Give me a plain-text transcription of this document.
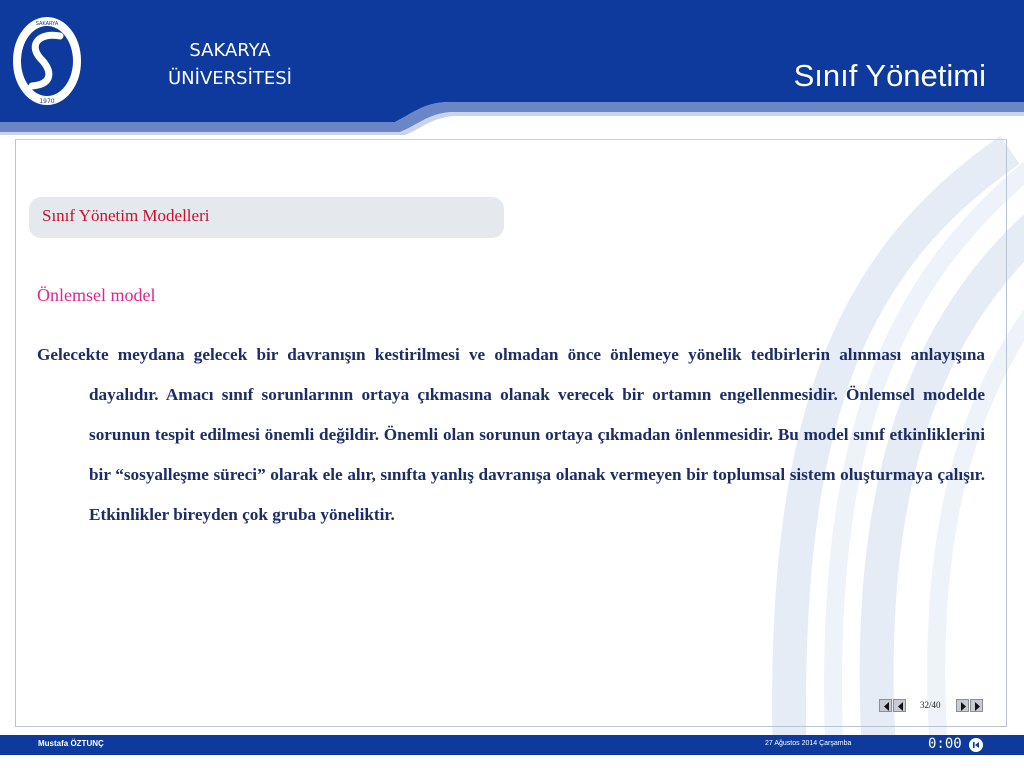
SAKARYA
1970
SAKARYA
ÜNİVERSİTESİ	Sınıf Yönetimi
Sınıf Yönetim Modelleri
Önlemsel model
Gelecekte meydana gelecek bir davranışın kestirilmesi ve olmadan önce önlemeye yönelik tedbirlerin alınması anlayışına dayalıdır. Amacı sınıf sorunlarının ortaya çıkmasına olanak verecek bir ortamın engellenmesidir. Önlemsel modelde sorunun tespit edilmesi önemli değildir. Önemli olan sorunun ortaya çıkmadan önlenmesidir. Bu model sınıf etkinliklerini bir “sosyalleşme süreci” olarak ele alır, sınıfta yanlış davranışa olanak vermeyen bir toplumsal sistem oluşturmaya çalışır. Etkinlikler bireyden çok gruba yöneliktir.
32/40
Mustafa ÖZTUNÇ	27 Ağustos 2014 Çarşamba	0:00
